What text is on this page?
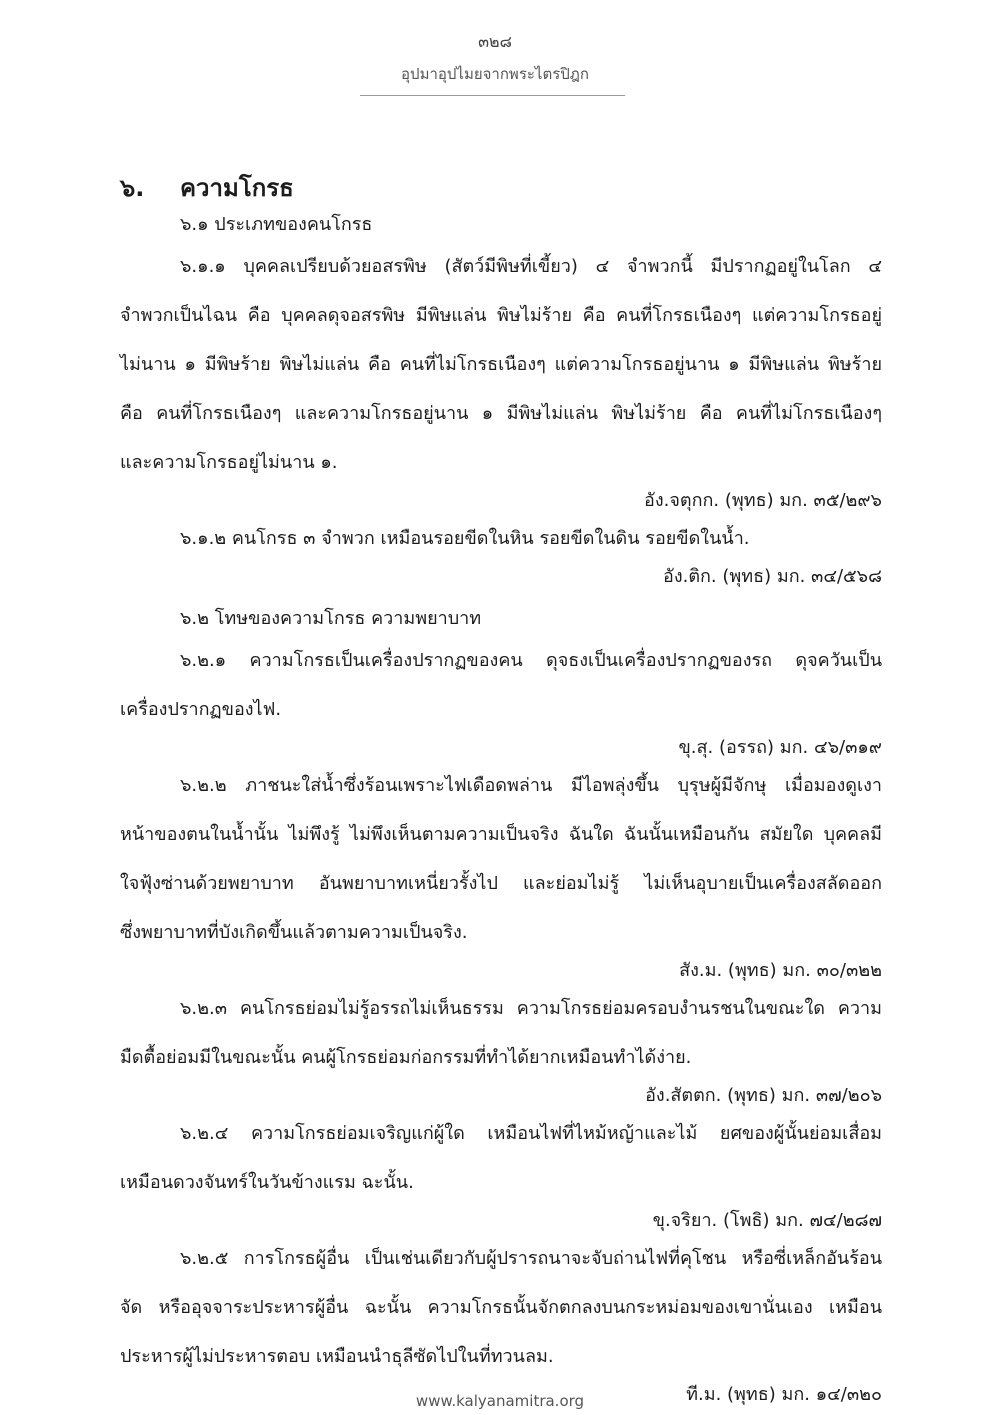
๓๒๘
อุปมาอุปไมยจากพระไตรปิฎก
๖. ความโกรธ
๖.๑ ประเภทของคนโกรธ
๖.๑.๑ บุคคลเปรียบด้วยอสรพิษ (สัตว์มีพิษที่เขี้ยว) ๔ จำพวกนี้ มีปรากฏอยู่ในโลก ๔
จำพวกเป็นไฉน คือ บุคคลดุจอสรพิษ มีพิษแล่น พิษไม่ร้าย คือ คนที่โกรธเนืองๆ แต่ความโกรธอยู่
ไม่นาน ๑ มีพิษร้าย พิษไม่แล่น คือ คนที่ไม่โกรธเนืองๆ แต่ความโกรธอยู่นาน ๑ มีพิษแล่น พิษร้าย
คือ คนที่โกรธเนืองๆ และความโกรธอยู่นาน ๑ มีพิษไม่แล่น พิษไม่ร้าย คือ คนที่ไม่โกรธเนืองๆ
และความโกรธอยู่ไม่นาน ๑.
อัง.จตุกก. (พุทธ) มก. ๓๕/๒๙๖
๖.๑.๒ คนโกรธ ๓ จำพวก เหมือนรอยขีดในหิน รอยขีดในดิน รอยขีดในน้ำ.
อัง.ติก. (พุทธ) มก. ๓๔/๕๖๘
๖.๒ โทษของความโกรธ ความพยาบาท
๖.๒.๑ ความโกรธเป็นเครื่องปรากฏของคน ดุจธงเป็นเครื่องปรากฏของรถ ดุจควันเป็น
เครื่องปรากฏของไฟ.
ขุ.สุ. (อรรถ) มก. ๔๖/๓๑๙
๖.๒.๒ ภาชนะใส่น้ำซึ่งร้อนเพราะไฟเดือดพล่าน มีไอพลุ่งขึ้น บุรุษผู้มีจักษุ เมื่อมองดูเงา
หน้าของตนในน้ำนั้น ไม่พึงรู้ ไม่พึงเห็นตามความเป็นจริง ฉันใด ฉันนั้นเหมือนกัน สมัยใด บุคคลมี
ใจฟุ้งซ่านด้วยพยาบาท อันพยาบาทเหนี่ยวรั้งไป และย่อมไม่รู้ ไม่เห็นอุบายเป็นเครื่องสลัดออก
ซึ่งพยาบาทที่บังเกิดขึ้นแล้วตามความเป็นจริง.
สัง.ม. (พุทธ) มก. ๓๐/๓๒๒
๖.๒.๓ คนโกรธย่อมไม่รู้อรรถไม่เห็นธรรม ความโกรธย่อมครอบงำนรชนในขณะใด ความ
มืดตื้อย่อมมีในขณะนั้น คนผู้โกรธย่อมก่อกรรมที่ทำได้ยากเหมือนทำได้ง่าย.
อัง.สัตตก. (พุทธ) มก. ๓๗/๒๐๖
๖.๒.๔ ความโกรธย่อมเจริญแก่ผู้ใด เหมือนไฟที่ไหม้หญ้าและไม้ ยศของผู้นั้นย่อมเสื่อม
เหมือนดวงจันทร์ในวันข้างแรม ฉะนั้น.
ขุ.จริยา. (โพธิ) มก. ๗๔/๒๘๗
๖.๒.๕ การโกรธผู้อื่น เป็นเช่นเดียวกับผู้ปรารถนาจะจับถ่านไฟที่คุโชน หรือซี่เหล็กอันร้อน
จัด หรืออุจจาระประหารผู้อื่น ฉะนั้น ความโกรธนั้นจักตกลงบนกระหม่อมของเขานั่นเอง เหมือน
ประหารผู้ไม่ประหารตอบ เหมือนนำธุลีซัดไปในที่ทวนลม.
ที.ม. (พุทธ) มก. ๑๔/๓๒๐
www.kalyanamitra.org
